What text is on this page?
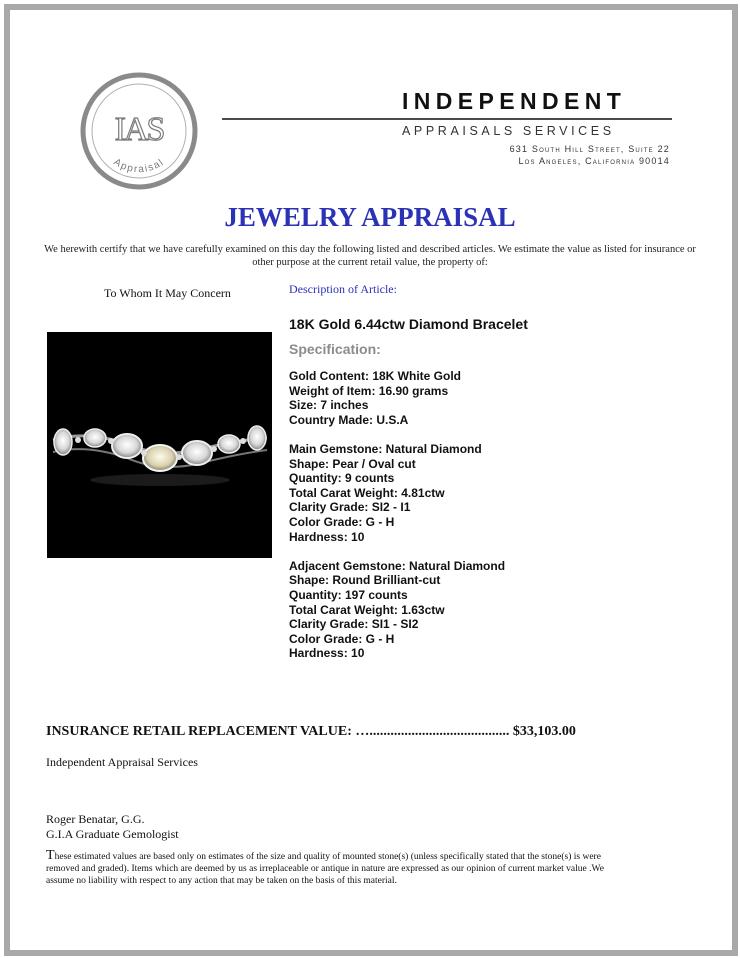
IAS
Appraisal
INDEPENDENT
APPRAISALS SERVICES
631 South Hill Street, Suite 22
Los Angeles, California 90014
JEWELRY APPRAISAL
We herewith certify that we have carefully examined on this day the following listed and described articles. We estimate the value as listed for insurance or other purpose at the current retail value, the property of:
To Whom It May Concern	Description of Article:
18K Gold 6.44ctw Diamond Bracelet
Specification:
Gold Content: 18K White Gold
Weight of Item: 16.90 grams
Size: 7 inches
Country Made: U.S.A
Main Gemstone: Natural Diamond
Shape: Pear / Oval cut
Quantity: 9 counts
Total Carat Weight: 4.81ctw
Clarity Grade: SI2 - I1
Color Grade: G - H
Hardness: 10
Adjacent Gemstone: Natural Diamond
Shape: Round Brilliant-cut
Quantity: 197 counts
Total Carat Weight: 1.63ctw
Clarity Grade: SI1 - SI2
Color Grade: G - H
Hardness: 10
INSURANCE RETAIL REPLACEMENT VALUE: …........................................ $33,103.00
Independent Appraisal Services
Roger Benatar, G.G.
G.I.A Graduate Gemologist
These estimated values are based only on estimates of the size and quality of mounted stone(s) (unless specifically stated that the stone(s) is were removed and graded). Items which are deemed by us as irreplaceable or antique in nature are expressed as our opinion of current market value .We assume no liability with respect to any action that may be taken on the basis of this material.
